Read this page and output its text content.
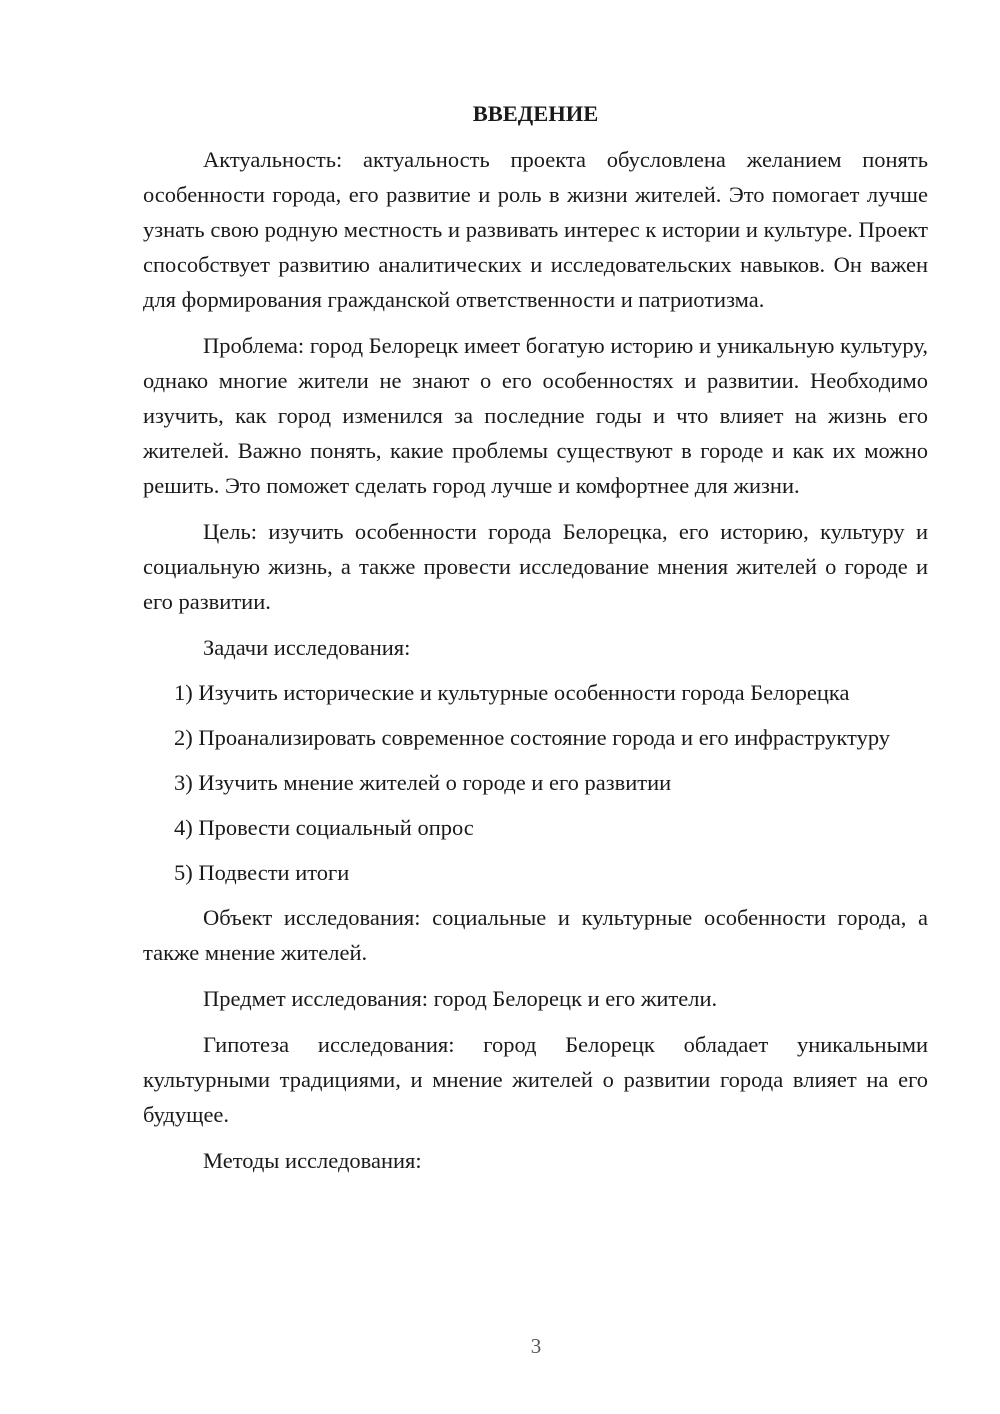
ВВЕДЕНИЕ

Актуальность: актуальность проекта обусловлена желанием понять особенности города, его развитие и роль в жизни жителей. Это помогает лучше узнать свою родную местность и развивать интерес к истории и культуре. Проект способствует развитию аналитических и исследовательских навыков. Он важен для формирования гражданской ответственности и патриотизма.

Проблема: город Белорецк имеет богатую историю и уникальную культуру, однако многие жители не знают о его особенностях и развитии. Необходимо изучить, как город изменился за последние годы и что влияет на жизнь его жителей. Важно понять, какие проблемы существуют в городе и как их можно решить. Это поможет сделать город лучше и комфортнее для жизни.

Цель: изучить особенности города Белорецка, его историю, культуру и социальную жизнь, а также провести исследование мнения жителей о городе и его развитии.

Задачи исследования:

1) Изучить исторические и культурные особенности города Белорецка

2) Проанализировать современное состояние города и его инфраструктуру

3) Изучить мнение жителей о городе и его развитии

4) Провести социальный опрос

5) Подвести итоги

Объект исследования: социальные и культурные особенности города, а также мнение жителей.

Предмет исследования: город Белорецк и его жители.

Гипотеза исследования: город Белорецк обладает уникальными культурными традициями, и мнение жителей о развитии города влияет на его будущее.

Методы исследования:

3
